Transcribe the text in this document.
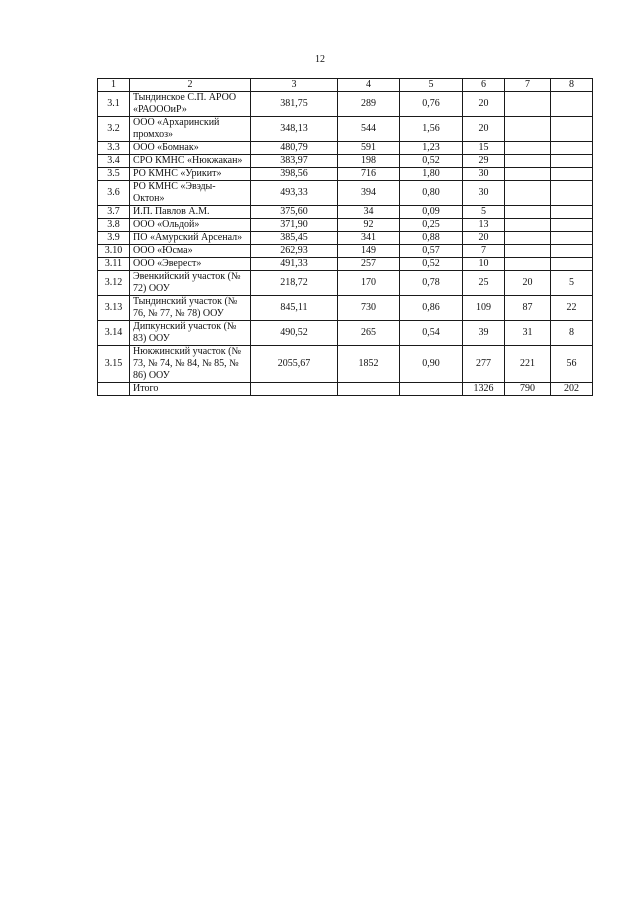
12
1	2	3	4	5	6	7	8
3.1	Тындинское С.П. АРОО «РАОООиР»	381,75	289	0,76	20		
3.2	ООО «Архаринский промхоз»	348,13	544	1,56	20		
3.3	ООО «Бомнак»	480,79	591	1,23	15		
3.4	СРО КМНС «Нюкжакан»	383,97	198	0,52	29		
3.5	РО КМНС «Урикит»	398,56	716	1,80	30		
3.6	РО КМНС «Эвэды-Октон»	493,33	394	0,80	30		
3.7	И.П. Павлов А.М.	375,60	34	0,09	5		
3.8	ООО «Ольдой»	371,90	92	0,25	13		
3.9	ПО «Амурский Арсенал»	385,45	341	0,88	20		
3.10	ООО «Юсма»	262,93	149	0,57	7		
3.11	ООО «Эверест»	491,33	257	0,52	10		
3.12	Эвенкийский участок (№ 72) ООУ	218,72	170	0,78	25	20	5
3.13	Тындинский участок (№ 76, № 77, № 78) ООУ	845,11	730	0,86	109	87	22
3.14	Дипкунский участок (№ 83) ООУ	490,52	265	0,54	39	31	8
3.15	Нюкжинский участок (№ 73, № 74, № 84, № 85, № 86) ООУ	2055,67	1852	0,90	277	221	56
	Итого				1326	790	202
